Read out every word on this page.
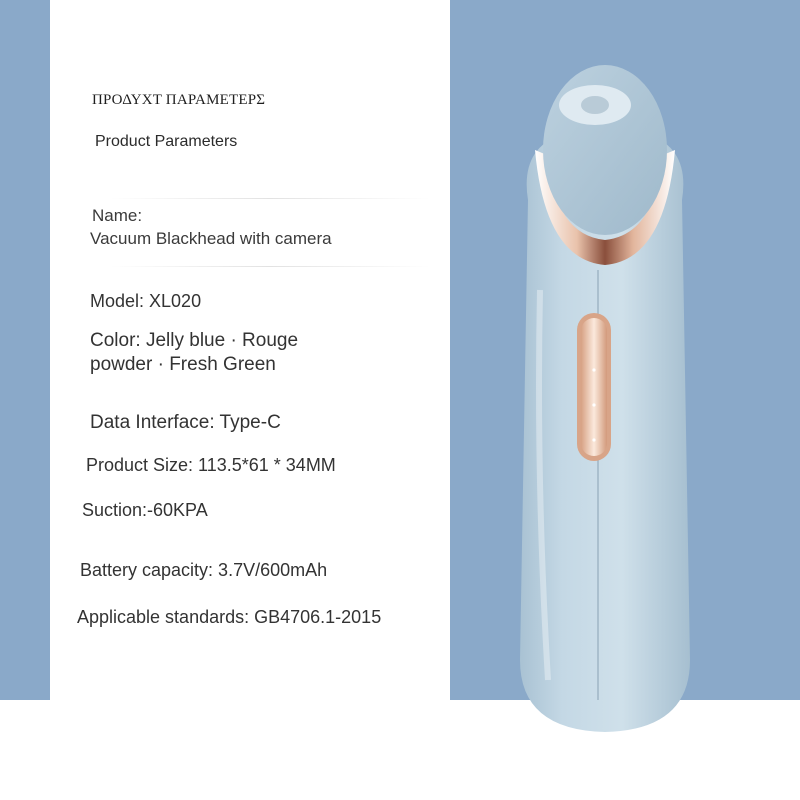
ΠΡΟΔΥΧΤ ΠΑΡΑΜΕΤΕΡΣ
Product Parameters
Name:
Vacuum Blackhead with camera
Model: XL020
Color: Jelly blue · Rouge
powder · Fresh Green
Data Interface: Type-C
Product Size: 113.5*61 * 34MM
Suction:-60KPA
Battery capacity: 3.7V/600mAh
Applicable standards: GB4706.1-2015
